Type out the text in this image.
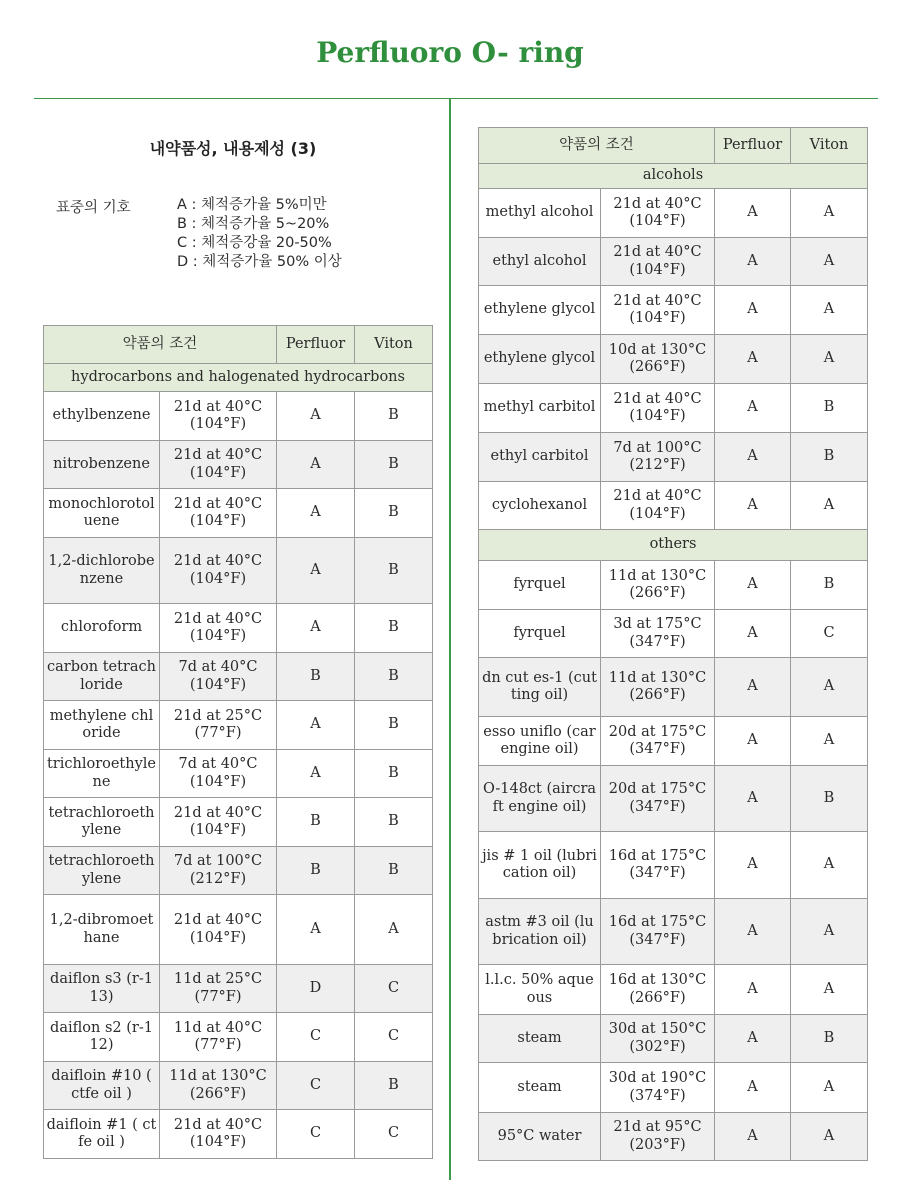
Perfluoro O- ring
내약품성, 내용제성 (3)
표중의 기호	A : 체적증가율 5%미만
B : 체적증가율 5~20%
C : 체적증강율 20-50%
D : 체적증가율 50% 이상
약품의 조건		Perfluor	Viton
hydrocarbons and halogenated hydrocarbons			
ethylbenzene	21d at 40°C (104°F)	A	B
nitrobenzene	21d at 40°C (104°F)	A	B
monochlorotoluene	21d at 40°C (104°F)	A	B
1,2-dichlorobenzene	21d at 40°C (104°F)	A	B
chloroform	21d at 40°C (104°F)	A	B
carbon tetrachloride	7d at 40°C (104°F)	B	B
methylene chloride	21d at 25°C (77°F)	A	B
trichloroethylene	7d at 40°C (104°F)	A	B
tetrachloroethylene	21d at 40°C (104°F)	B	B
tetrachloroethylene	7d at 100°C (212°F)	B	B
1,2-dibromoethane	21d at 40°C (104°F)	A	A
daiflon s3 (r-113)	11d at 25°C (77°F)	D	C
daiflon s2 (r-112)	11d at 40°C (77°F)	C	C
daifloin #10 ( ctfe oil )	11d at 130°C (266°F)	C	B
daifloin #1 ( ctfe oil )	21d at 40°C (104°F)	C	C
약품의 조건		Perfluor	Viton
alcohols			
methyl alcohol	21d at 40°C (104°F)	A	A
ethyl alcohol	21d at 40°C (104°F)	A	A
ethylene glycol	21d at 40°C (104°F)	A	A
ethylene glycol	10d at 130°C (266°F)	A	A
methyl carbitol	21d at 40°C (104°F)	A	B
ethyl carbitol	7d at 100°C (212°F)	A	B
cyclohexanol	21d at 40°C (104°F)	A	A
others			
fyrquel	11d at 130°C (266°F)	A	B
fyrquel	3d at 175°C (347°F)	A	C
dn cut es-1 (cutting oil)	11d at 130°C (266°F)	A	A
esso uniflo (car engine oil)	20d at 175°C (347°F)	A	A
O-148ct (aircraft engine oil)	20d at 175°C (347°F)	A	B
jis # 1 oil (lubrication oil)	16d at 175°C (347°F)	A	A
astm #3 oil (lubrication oil)	16d at 175°C (347°F)	A	A
l.l.c. 50% aqueous	16d at 130°C (266°F)	A	A
steam	30d at 150°C (302°F)	A	B
steam	30d at 190°C (374°F)	A	A
95°C water	21d at 95°C (203°F)	A	A
